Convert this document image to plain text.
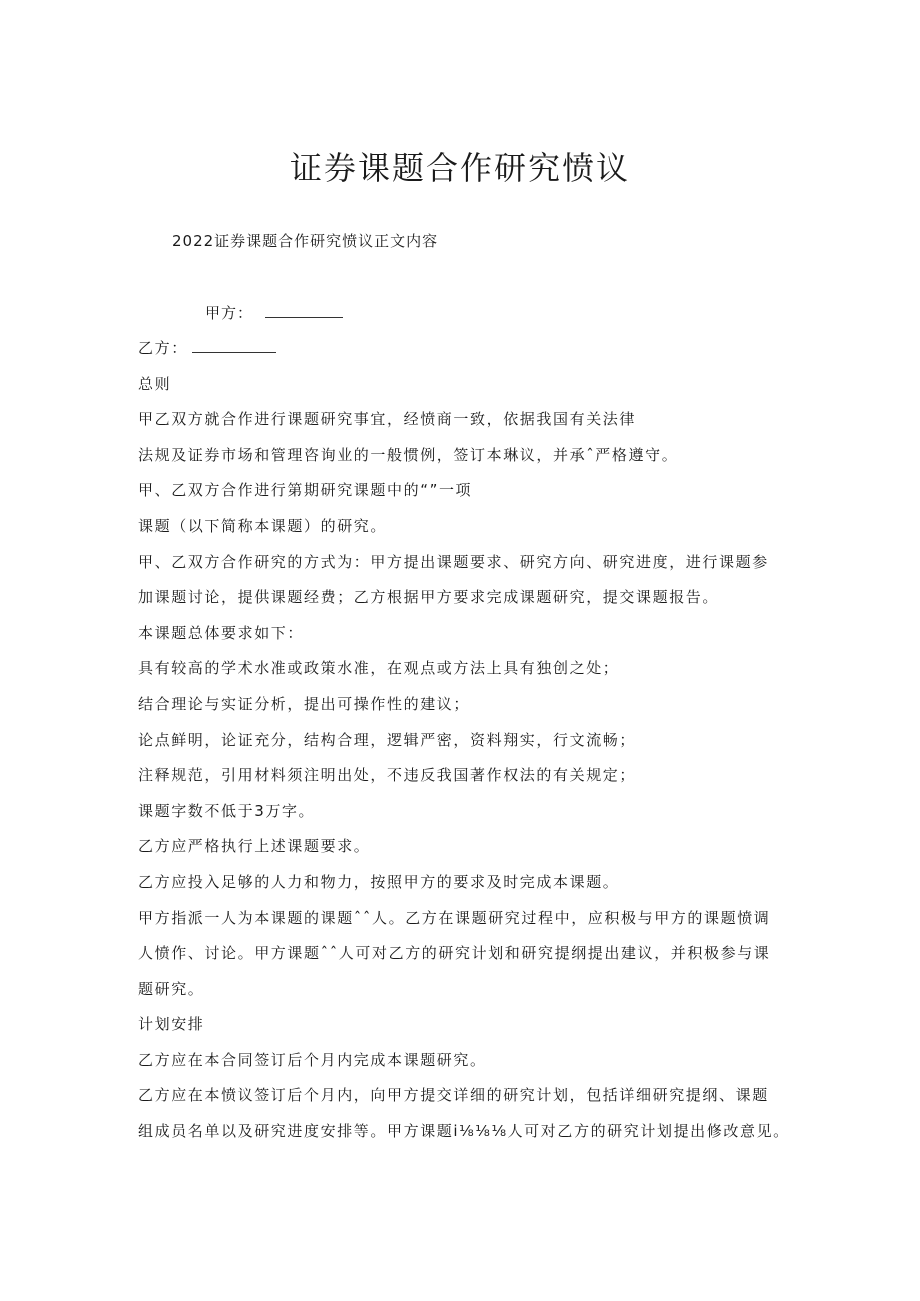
证券课题合作研究愤议
2022证券课题合作研究愤议正文内容
甲方：

乙方：

总则

甲乙双方就合作进行课题研究事宜，经愤商一致，依据我国有关法律

法规及证券市场和管理咨询业的一般惯例，签订本琳议，并承ˆ严格遵守。

甲、乙双方合作进行第期研究课题中的“”一项

课题（以下简称本课题）的研究。

甲、乙双方合作研究的方式为：甲方提出课题要求、研究方向、研究进度，进行课题参

加课题讨论，提供课题经费；乙方根据甲方要求完成课题研究，提交课题报告。

本课题总体要求如下：

具有较高的学术水准或政策水准，在观点或方法上具有独创之处；

结合理论与实证分析，提出可操作性的建议；

论点鲜明，论证充分，结构合理，逻辑严密，资料翔实，行文流畅；

注释规范，引用材料须注明出处，不违反我国著作权法的有关规定；

课题字数不低于3万字。

乙方应严格执行上述课题要求。

乙方应投入足够的人力和物力，按照甲方的要求及时完成本课题。

甲方指派一人为本课题的课题ˆˆ人。乙方在课题研究过程中，应积极与甲方的课题愤调

人愤作、讨论。甲方课题ˆˆ人可对乙方的研究计划和研究提纲提出建议，并积极参与课

题研究。

计划安排

乙方应在本合同签订后个月内完成本课题研究。

乙方应在本愤议签订后个月内，向甲方提交详细的研究计划，包括详细研究提纲、课题

组成员名单以及研究进度安排等。甲方课题i⅛⅛⅛人可对乙方的研究计划提出修改意见。
